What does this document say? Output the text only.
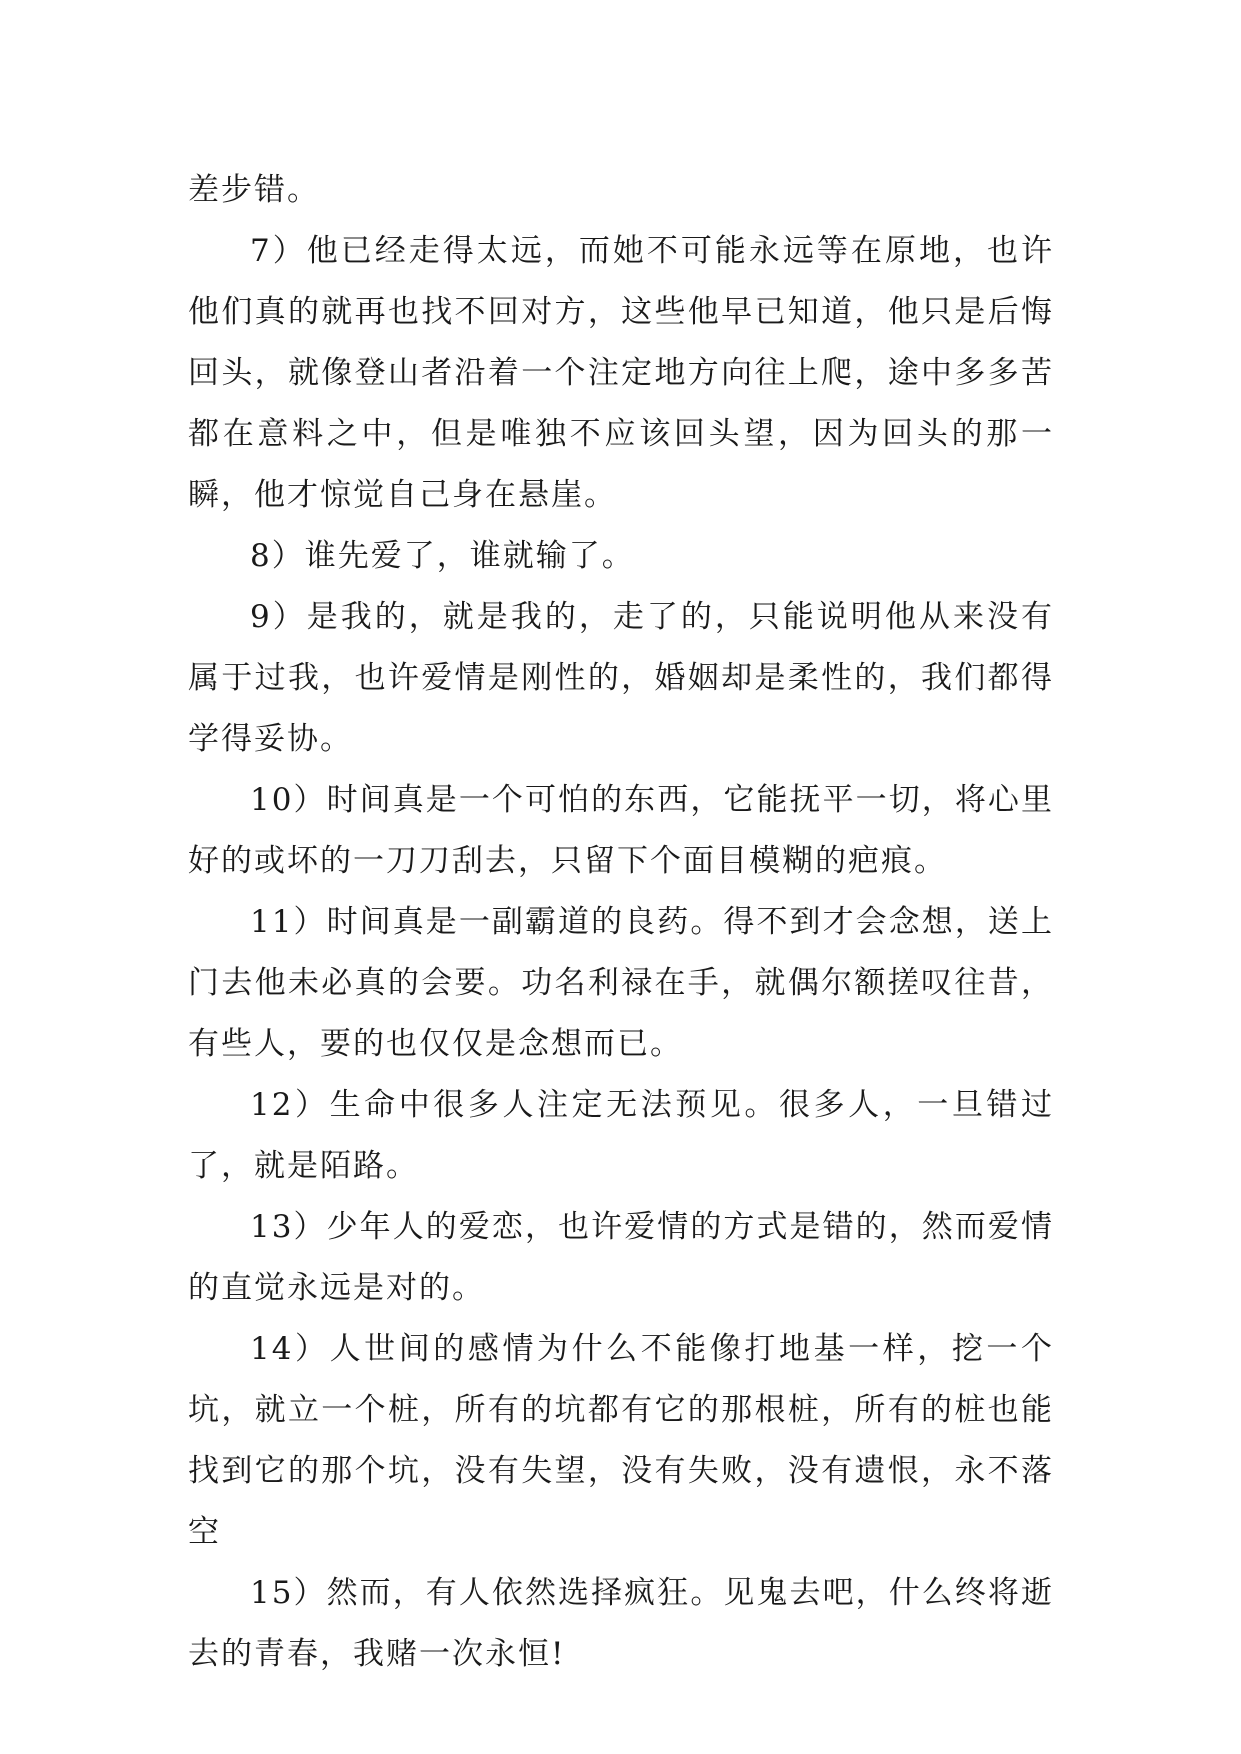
差步错。

7）他已经走得太远，而她不可能永远等在原地，也许他们真的就再也找不回对方，这些他早已知道，他只是后悔回头，就像登山者沿着一个注定地方向往上爬，途中多多苦都在意料之中，但是唯独不应该回头望，因为回头的那一瞬，他才惊觉自己身在悬崖。

8）谁先爱了，谁就输了。

9）是我的，就是我的，走了的，只能说明他从来没有属于过我，也许爱情是刚性的，婚姻却是柔性的，我们都得学得妥协。

10）时间真是一个可怕的东西，它能抚平一切，将心里好的或坏的一刀刀刮去，只留下个面目模糊的疤痕。

11）时间真是一副霸道的良药。得不到才会念想，送上门去他未必真的会要。功名利禄在手，就偶尔额搓叹往昔，有些人，要的也仅仅是念想而已。

12）生命中很多人注定无法预见。很多人，一旦错过了，就是陌路。

13）少年人的爱恋，也许爱情的方式是错的，然而爱情的直觉永远是对的。

14）人世间的感情为什么不能像打地基一样，挖一个坑，就立一个桩，所有的坑都有它的那根桩，所有的桩也能找到它的那个坑，没有失望，没有失败，没有遗恨，永不落空

15）然而，有人依然选择疯狂。见鬼去吧，什么终将逝去的青春，我赌一次永恒!
